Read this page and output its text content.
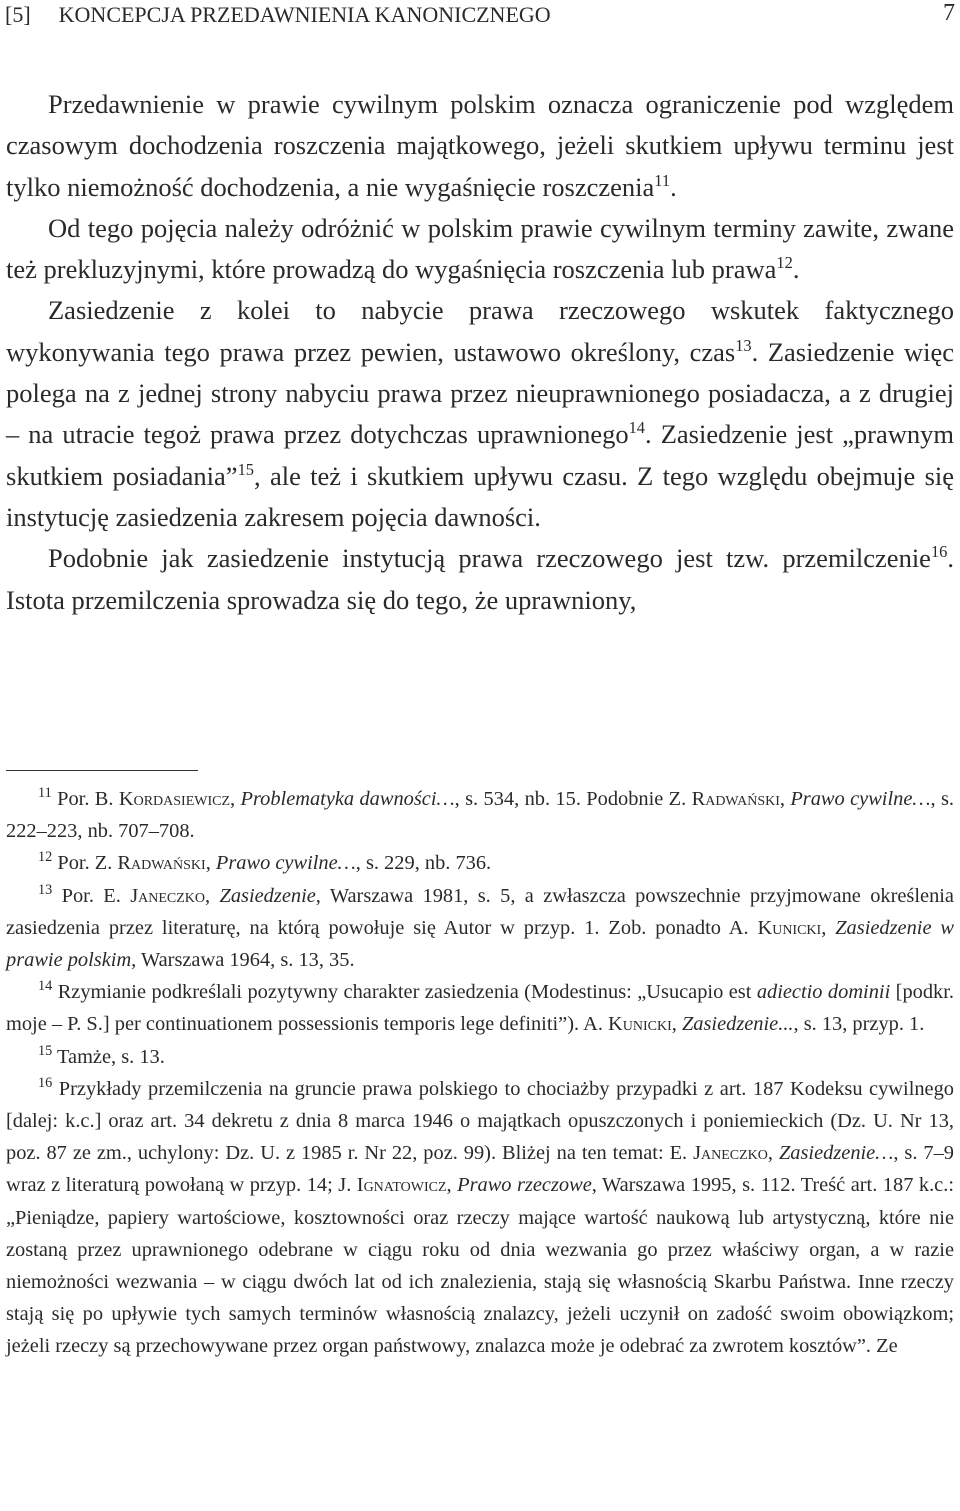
[5] KONCEPCJA PRZEDAWNIENIA KANONICZNEGO	7

Przedawnienie w prawie cywilnym polskim oznacza ograniczenie pod względem czasowym dochodzenia roszczenia majątkowego, jeżeli skutkiem upływu terminu jest tylko niemożność dochodzenia, a nie wygaśnięcie roszczenia$^{11}$.

Od tego pojęcia należy odróżnić w polskim prawie cywilnym terminy zawite, zwane też prekluzyjnymi, które prowadzą do wygaśnięcia roszczenia lub prawa$^{12}$.

Zasiedzenie z kolei to nabycie prawa rzeczowego wskutek faktycznego wykonywania tego prawa przez pewien, ustawowo określony, czas$^{13}$. Zasiedzenie więc polega na z jednej strony nabyciu prawa przez nieuprawnionego posiadacza, a z drugiej – na utracie tegoż prawa przez dotychczas uprawnionego$^{14}$. Zasiedzenie jest „prawnym skutkiem posiadania”$^{15}$, ale też i skutkiem upływu czasu. Z tego względu obejmuje się instytucję zasiedzenia zakresem pojęcia dawności.

Podobnie jak zasiedzenie instytucją prawa rzeczowego jest tzw. przemilczenie$^{16}$. Istota przemilczenia sprowadza się do tego, że uprawniony,

$^{11}$ Por. B. Kordasiewicz, Problematyka dawności…, s. 534, nb. 15. Podobnie Z. Radwański, Prawo cywilne…, s. 222–223, nb. 707–708.

$^{12}$ Por. Z. Radwański, Prawo cywilne…, s. 229, nb. 736.

$^{13}$ Por. E. Janeczko, Zasiedzenie, Warszawa 1981, s. 5, a zwłaszcza powszechnie przyjmowane określenia zasiedzenia przez literaturę, na którą powołuje się Autor w przyp. 1. Zob. ponadto A. Kunicki, Zasiedzenie w prawie polskim, Warszawa 1964, s. 13, 35.

$^{14}$ Rzymianie podkreślali pozytywny charakter zasiedzenia (Modestinus: „Usucapio est adiectio dominii [podkr. moje – P. S.] per continuationem possessionis temporis lege definiti”). A. Kunicki, Zasiedzenie..., s. 13, przyp. 1.

$^{15}$ Tamże, s. 13.

$^{16}$ Przykłady przemilczenia na gruncie prawa polskiego to chociażby przypadki z art. 187 Kodeksu cywilnego [dalej: k.c.] oraz art. 34 dekretu z dnia 8 marca 1946 o majątkach opuszczonych i poniemieckich (Dz. U. Nr 13, poz. 87 ze zm., uchylony: Dz. U. z 1985 r. Nr 22, poz. 99). Bliżej na ten temat: E. Janeczko, Zasiedzenie…, s. 7–9 wraz z literaturą powołaną w przyp. 14; J. Ignatowicz, Prawo rzeczowe, Warszawa 1995, s. 112. Treść art. 187 k.c.: „Pieniądze, papiery wartościowe, kosztowności oraz rzeczy mające wartość naukową lub artystyczną, które nie zostaną przez uprawnionego odebrane w ciągu roku od dnia wezwania go przez właściwy organ, a w razie niemożności wezwania – w ciągu dwóch lat od ich znalezienia, stają się własnością Skarbu Państwa. Inne rzeczy stają się po upływie tych samych terminów własnością znalazcy, jeżeli uczynił on zadość swoim obowiązkom; jeżeli rzeczy są przechowywane przez organ państwowy, znalazca może je odebrać za zwrotem kosztów”. Ze
